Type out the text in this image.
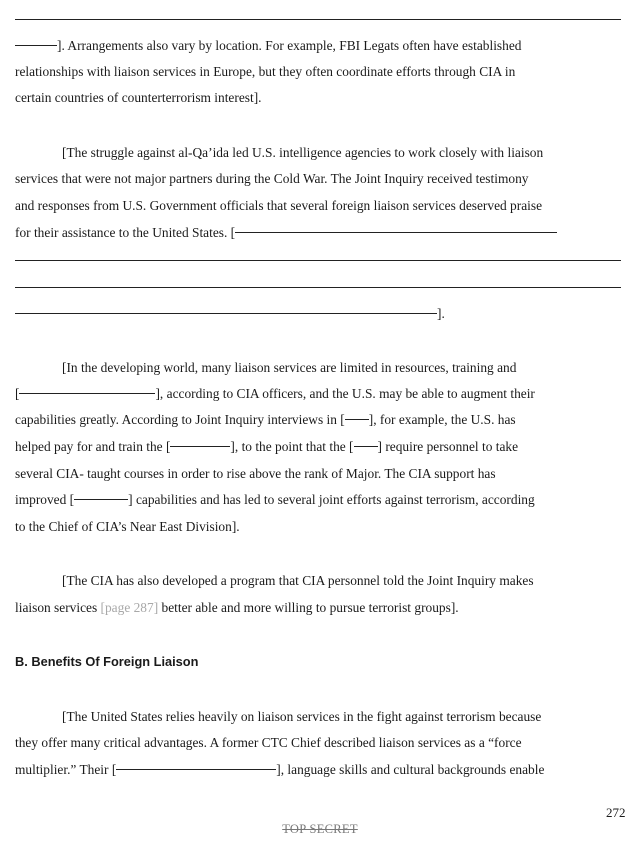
]. Arrangements also vary by location. For example, FBI Legats often have established
relationships with liaison services in Europe, but they often coordinate efforts through CIA in
certain countries of counterterrorism interest].
[The struggle against al-Qa’ida led U.S. intelligence agencies to work closely with liaison
services that were not major partners during the Cold War. The Joint Inquiry received testimony
and responses from U.S. Government officials that several foreign liaison services deserved praise
for their assistance to the United States. [
].
[In the developing world, many liaison services are limited in resources, training and
[	], according to CIA officers, and the U.S. may be able to augment their
capabilities greatly. According to Joint Inquiry interviews in [ ], for example, the U.S. has
helped pay for and train the [	], to the point that the [ ] require personnel to take
several CIA- taught courses in order to rise above the rank of Major. The CIA support has
improved [	] capabilities and has led to several joint efforts against terrorism, according
to the Chief of CIA’s Near East Division].
[The CIA has also developed a program that CIA personnel told the Joint Inquiry makes
liaison services [page 287] better able and more willing to pursue terrorist groups].
B. Benefits Of Foreign Liaison
[The United States relies heavily on liaison services in the fight against terrorism because
they offer many critical advantages. A former CTC Chief described liaison services as a “force
multiplier.” Their [	], language skills and cultural backgrounds enable
272
TOP SECRET
